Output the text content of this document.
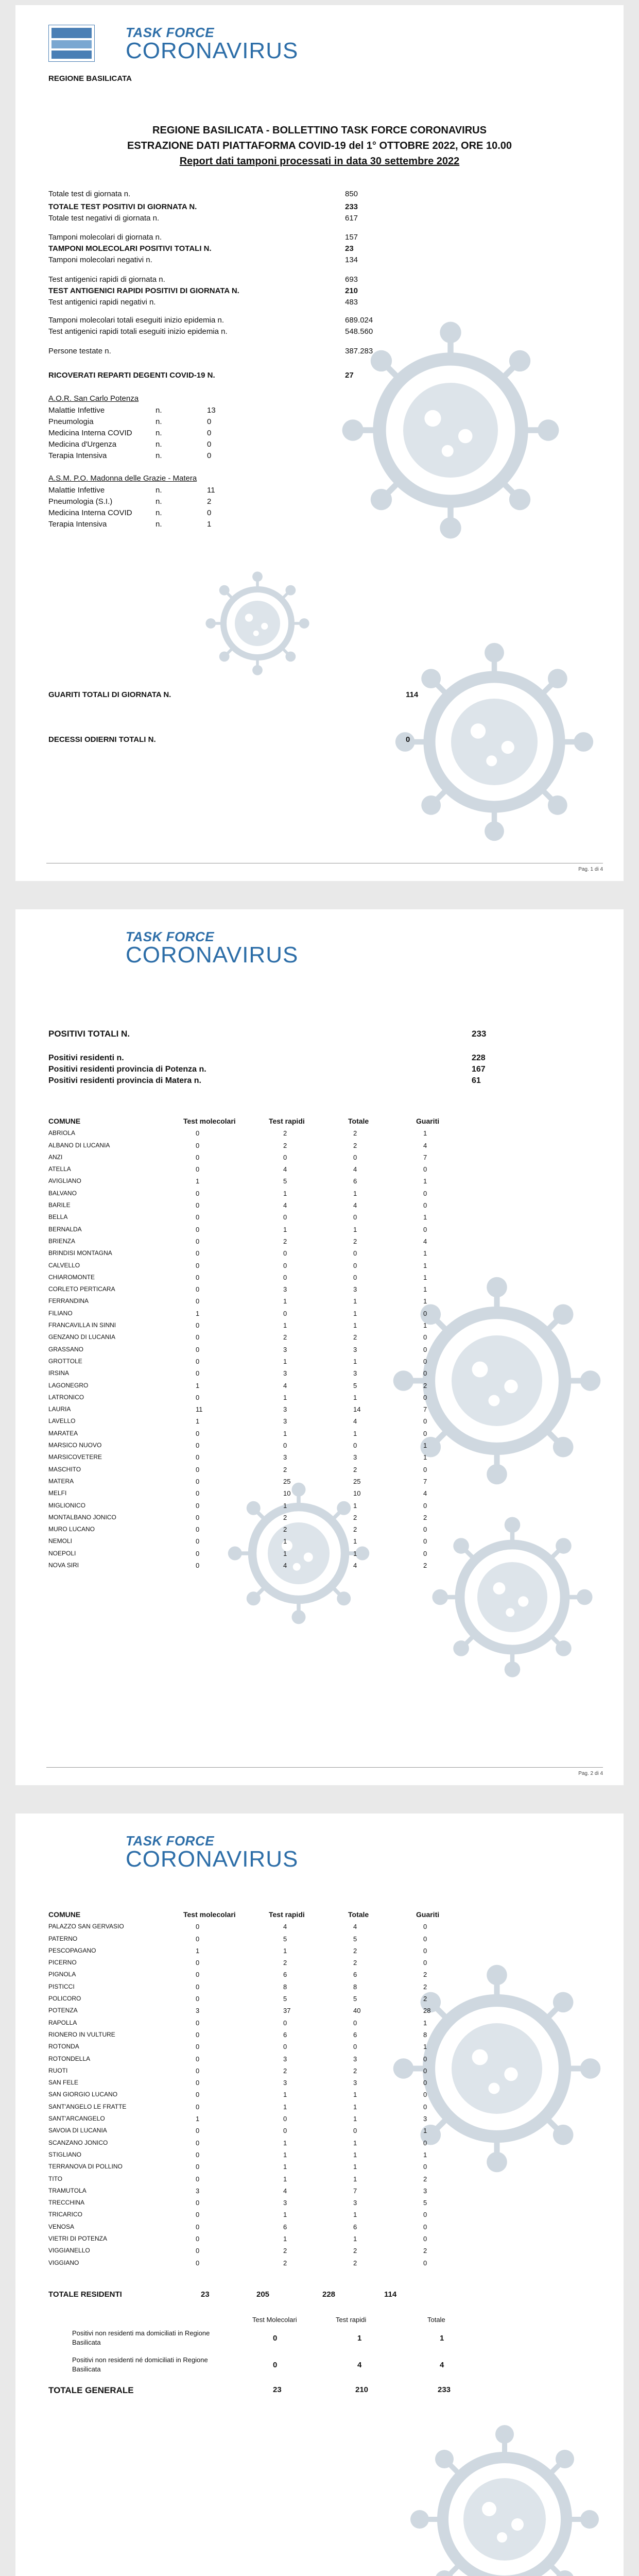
REGIONE BASILICATA
TASK FORCE
CORONAVIRUS
REGIONE BASILICATA - BOLLETTINO TASK FORCE CORONAVIRUS
ESTRAZIONE DATI PIATTAFORMA COVID-19 del 1° OTTOBRE 2022, ORE 10.00
Report dati tamponi processati in data 30 settembre 2022
Totale test di giornata n.	850
TOTALE TEST POSITIVI DI GIORNATA N.	233
Totale test negativi di giornata n.	617
Tamponi molecolari di giornata n.	157
TAMPONI MOLECOLARI POSITIVI TOTALI N.	23
Tamponi molecolari negativi n.	134
Test antigenici rapidi di giornata n.	693
TEST ANTIGENICI RAPIDI POSITIVI DI GIORNATA N.	210
Test antigenici rapidi negativi n.	483
Tamponi molecolari totali eseguiti inizio epidemia n.	689.024
Test antigenici rapidi totali eseguiti inizio epidemia n.	548.560
Persone testate n.	387.283
RICOVERATI REPARTI DEGENTI COVID-19 N.	27
A.O.R. San Carlo Potenza
Malattie Infettive	n.	13
Pneumologia	n.	0
Medicina Interna COVID	n.	0
Medicina d'Urgenza	n.	0
Terapia Intensiva	n.	0
A.S.M. P.O. Madonna delle Grazie - Matera
Malattie Infettive	n.	11
Pneumologia (S.I.)	n.	2
Medicina Interna COVID	n.	0
Terapia Intensiva	n.	1
GUARITI TOTALI DI GIORNATA N.	114
DECESSI ODIERNI TOTALI N.	0
Pag. 1 di 4
TASK FORCE
CORONAVIRUS
POSITIVI TOTALI N.	233
Positivi residenti n.	228
Positivi residenti provincia di Potenza n.	167
Positivi residenti provincia di Matera n.	61
COMUNE	Test molecolari	Test rapidi	Totale	Guariti
ABRIOLA	0	2	2	1
ALBANO DI LUCANIA	0	2	2	4
ANZI	0	0	0	7
ATELLA	0	4	4	0
AVIGLIANO	1	5	6	1
BALVANO	0	1	1	0
BARILE	0	4	4	0
BELLA	0	0	0	1
BERNALDA	0	1	1	0
BRIENZA	0	2	2	4
BRINDISI MONTAGNA	0	0	0	1
CALVELLO	0	0	0	1
CHIAROMONTE	0	0	0	1
CORLETO PERTICARA	0	3	3	1
FERRANDINA	0	1	1	1
FILIANO	1	0	1	0
FRANCAVILLA IN SINNI	0	1	1	1
GENZANO DI LUCANIA	0	2	2	0
GRASSANO	0	3	3	0
GROTTOLE	0	1	1	0
IRSINA	0	3	3	0
LAGONEGRO	1	4	5	2
LATRONICO	0	1	1	0
LAURIA	11	3	14	7
LAVELLO	1	3	4	0
MARATEA	0	1	1	0
MARSICO NUOVO	0	0	0	1
MARSICOVETERE	0	3	3	1
MASCHITO	0	2	2	0
MATERA	0	25	25	7
MELFI	0	10	10	4
MIGLIONICO	0	1	1	0
MONTALBANO JONICO	0	2	2	2
MURO LUCANO	0	2	2	0
NEMOLI	0	1	1	0
NOEPOLI	0	1	1	0
NOVA SIRI	0	4	4	2
Pag. 2 di 4
TASK FORCE
CORONAVIRUS
COMUNE	Test molecolari	Test rapidi	Totale	Guariti
PALAZZO SAN GERVASIO	0	4	4	0
PATERNO	0	5	5	0
PESCOPAGANO	1	1	2	0
PICERNO	0	2	2	0
PIGNOLA	0	6	6	2
PISTICCI	0	8	8	2
POLICORO	0	5	5	2
POTENZA	3	37	40	28
RAPOLLA	0	0	0	1
RIONERO IN VULTURE	0	6	6	8
ROTONDA	0	0	0	1
ROTONDELLA	0	3	3	0
RUOTI	0	2	2	0
SAN FELE	0	3	3	0
SAN GIORGIO LUCANO	0	1	1	0
SANT'ANGELO LE FRATTE	0	1	1	0
SANT'ARCANGELO	1	0	1	3
SAVOIA DI LUCANIA	0	0	0	1
SCANZANO JONICO	0	1	1	0
STIGLIANO	0	1	1	1
TERRANOVA DI POLLINO	0	1	1	0
TITO	0	1	1	2
TRAMUTOLA	3	4	7	3
TRECCHINA	0	3	3	5
TRICARICO	0	1	1	0
VENOSA	0	6	6	0
VIETRI DI POTENZA	0	1	1	0
VIGGIANELLO	0	2	2	2
VIGGIANO	0	2	2	0
TOTALE RESIDENTI	23	205	228	114
Test Molecolari	Test rapidi	Totale
Positivi non residenti ma domiciliati in Regione Basilicata	0	1	1
Positivi non residenti né domiciliati in Regione Basilicata	0	4	4
TOTALE GENERALE	23	210	233
